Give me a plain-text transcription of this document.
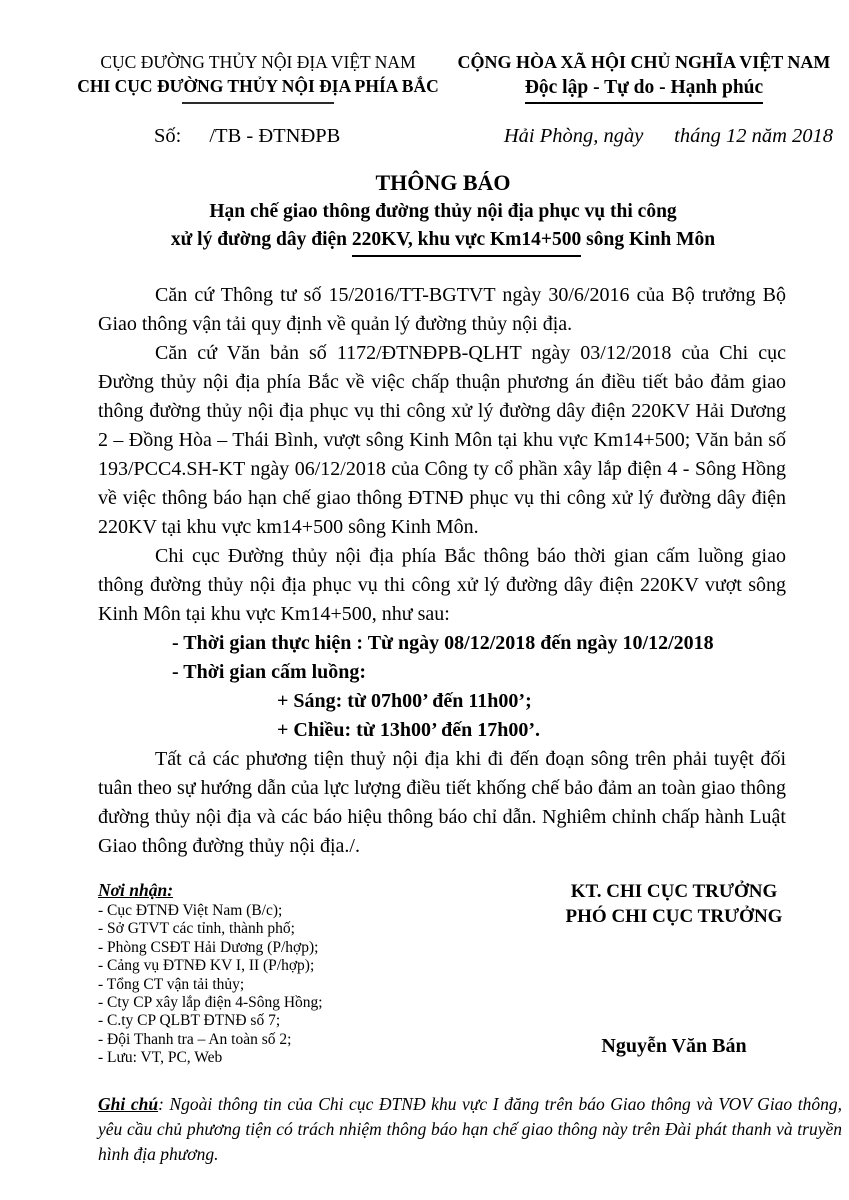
CỤC ĐƯỜNG THỦY NỘI ĐỊA VIỆT NAM
CHI CỤC ĐƯỜNG THỦY NỘI ĐỊA PHÍA BẮC
CỘNG HÒA XÃ HỘI CHỦ NGHĨA VIỆT NAM
Độc lập - Tự do - Hạnh phúc
Số: /TB - ĐTNĐPB	Hải Phòng, ngày      tháng 12 năm 2018
THÔNG BÁO
Hạn chế giao thông đường thủy nội địa phục vụ thi công
xử lý đường dây điện 220KV, khu vực Km14+500 sông Kinh Môn

Căn cứ Thông tư số 15/2016/TT-BGTVT ngày 30/6/2016 của Bộ trưởng Bộ Giao thông vận tải quy định về quản lý đường thủy nội địa.

Căn cứ Văn bản số 1172/ĐTNĐPB-QLHT ngày 03/12/2018 của Chi cục Đường thủy nội địa phía Bắc về việc chấp thuận phương án điều tiết bảo đảm giao thông đường thủy nội địa phục vụ thi công xử lý đường dây điện 220KV Hải Dương 2 – Đồng Hòa – Thái Bình, vượt sông Kinh Môn tại khu vực Km14+500; Văn bản số 193/PCC4.SH-KT ngày 06/12/2018 của Công ty cổ phần xây lắp điện 4 - Sông Hồng về việc thông báo hạn chế giao thông ĐTNĐ phục vụ thi công xử lý đường dây điện 220KV tại khu vực km14+500 sông Kinh Môn.

Chi cục Đường thủy nội địa phía Bắc thông báo thời gian cấm luồng giao thông đường thủy nội địa phục vụ thi công xử lý đường dây điện 220KV vượt sông Kinh Môn tại khu vực Km14+500, như sau:

- Thời gian thực hiện : Từ ngày 08/12/2018 đến ngày 10/12/2018
- Thời gian cấm luồng:
+ Sáng: từ 07h00’ đến 11h00’;
+ Chiều: từ 13h00’ đến 17h00’.

Tất cả các phương tiện thuỷ nội địa khi đi đến đoạn sông trên phải tuyệt đối tuân theo sự hướng dẫn của lực lượng điều tiết khống chế bảo đảm an toàn giao thông đường thủy nội địa và các báo hiệu thông báo chỉ dẫn. Nghiêm chỉnh chấp hành Luật Giao thông đường thủy nội địa./.

Nơi nhận:
- Cục ĐTNĐ Việt Nam (B/c);
- Sở GTVT các tỉnh, thành phố;
- Phòng CSĐT Hải Dương (P/hợp);
- Cảng vụ ĐTNĐ KV I, II (P/hợp);
- Tổng CT vận tải thủy;
- Cty CP xây lắp điện 4-Sông Hồng;
- C.ty CP QLBT ĐTNĐ số 7;
- Đội Thanh tra – An toàn số 2;
- Lưu: VT, PC, Web
KT. CHI CỤC TRƯỞNG
PHÓ CHI CỤC TRƯỞNG
Nguyễn Văn Bán
Ghi chú: Ngoài thông tin của Chi cục ĐTNĐ khu vực I đăng trên báo Giao thông và VOV Giao thông, yêu cầu chủ phương tiện có trách nhiệm thông báo hạn chế giao thông này trên Đài phát thanh và truyền hình địa phương.
